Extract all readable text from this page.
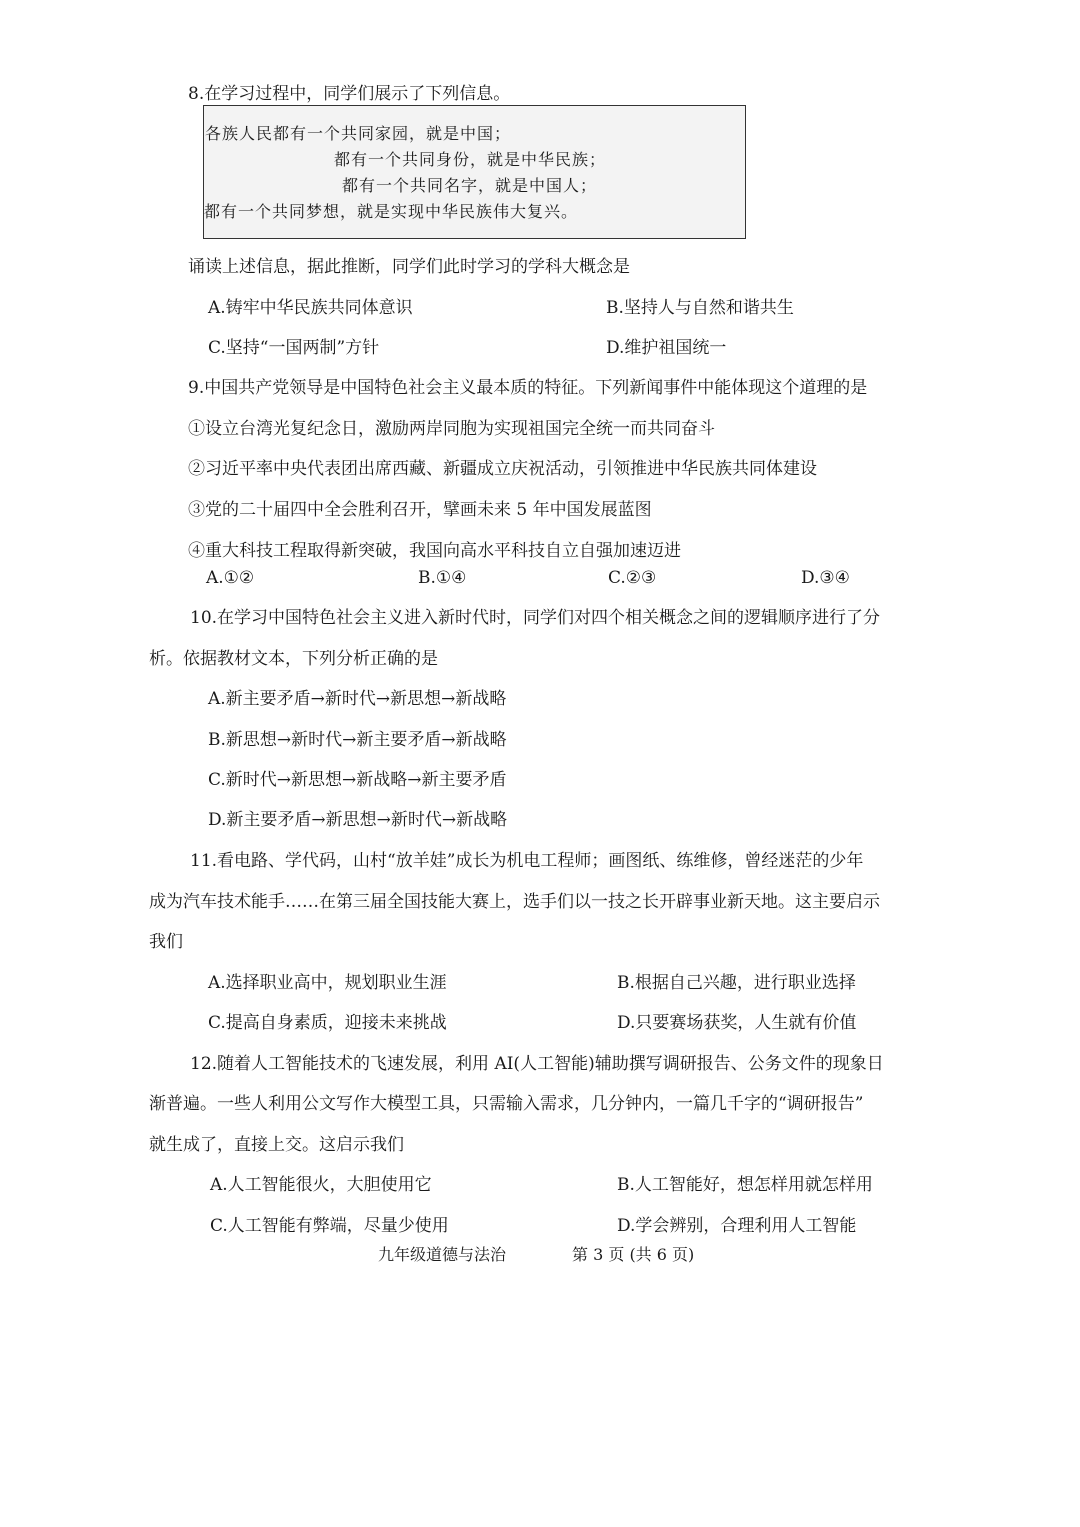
8.在学习过程中，同学们展示了下列信息。
各族人民都有一个共同家园，就是中国；
都有一个共同身份，就是中华民族；
都有一个共同名字，就是中国人；
都有一个共同梦想，就是实现中华民族伟大复兴。
诵读上述信息，据此推断，同学们此时学习的学科大概念是
A.铸牢中华民族共同体意识	B.坚持人与自然和谐共生
C.坚持“一国两制”方针	D.维护祖国统一
9.中国共产党领导是中国特色社会主义最本质的特征。下列新闻事件中能体现这个道理的是
①设立台湾光复纪念日，激励两岸同胞为实现祖国完全统一而共同奋斗
②习近平率中央代表团出席西藏、新疆成立庆祝活动，引领推进中华民族共同体建设
③党的二十届四中全会胜利召开，擘画未来 5 年中国发展蓝图
④重大科技工程取得新突破，我国向高水平科技自立自强加速迈进
A.①②	B.①④	C.②③	D.③④
10.在学习中国特色社会主义进入新时代时，同学们对四个相关概念之间的逻辑顺序进行了分
析。依据教材文本，下列分析正确的是
A.新主要矛盾→新时代→新思想→新战略
B.新思想→新时代→新主要矛盾→新战略
C.新时代→新思想→新战略→新主要矛盾
D.新主要矛盾→新思想→新时代→新战略
11.看电路、学代码，山村“放羊娃”成长为机电工程师；画图纸、练维修，曾经迷茫的少年
成为汽车技术能手……在第三届全国技能大赛上，选手们以一技之长开辟事业新天地。这主要启示
我们
A.选择职业高中，规划职业生涯	B.根据自己兴趣，进行职业选择
C.提高自身素质，迎接未来挑战	D.只要赛场获奖，人生就有价值
12.随着人工智能技术的飞速发展，利用 AI(人工智能)辅助撰写调研报告、公务文件的现象日
渐普遍。一些人利用公文写作大模型工具，只需输入需求，几分钟内，一篇几千字的“调研报告”
就生成了，直接上交。这启示我们
A.人工智能很火，大胆使用它	B.人工智能好，想怎样用就怎样用
C.人工智能有弊端，尽量少使用	D.学会辨别，合理利用人工智能
九年级道德与法治	第 3 页 (共 6 页)
